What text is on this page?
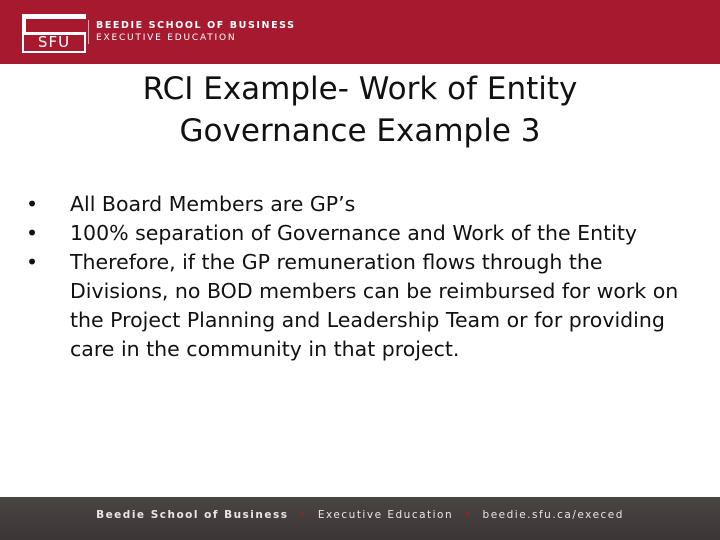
SFU
BEEDIE SCHOOL OF BUSINESS
EXECUTIVE EDUCATION
RCI Example- Work of Entity
Governance Example 3
•	All Board Members are GP’s
•	100% separation of Governance and Work of the Entity
•	Therefore, if the GP remuneration flows through the Divisions, no BOD members can be reimbursed for work on the Project Planning and Leadership Team or for providing care in the community in that project.
Beedie School of Business • Executive Education • beedie.sfu.ca/execed
